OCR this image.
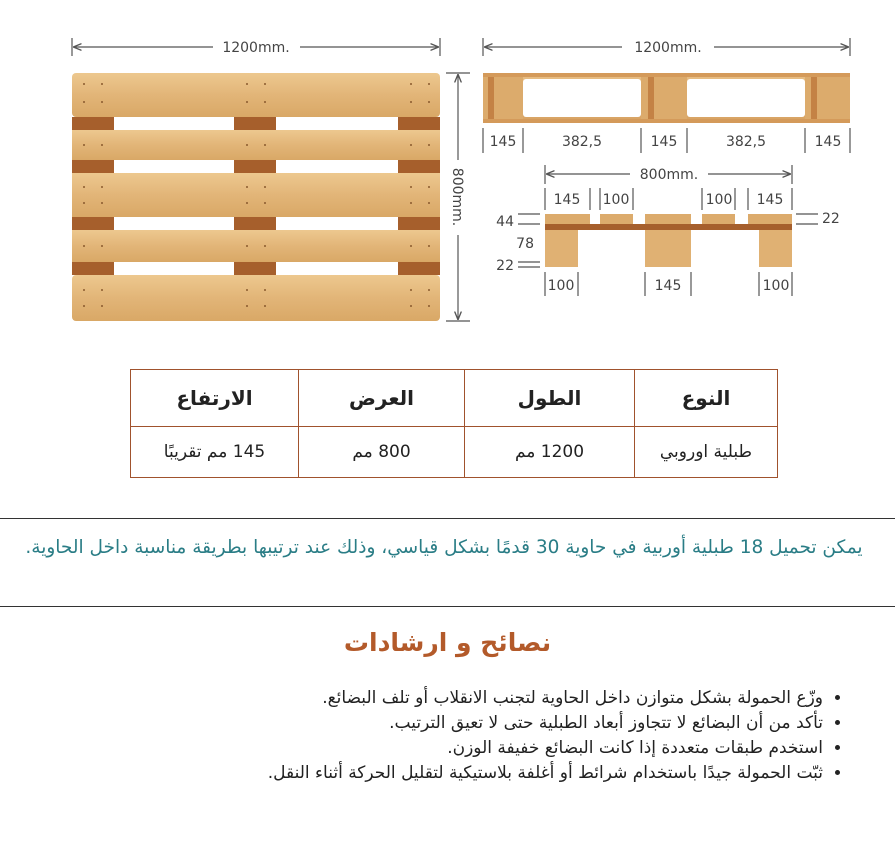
1200mm.
800mm.
1200mm.
145	382,5	145	382,5	145
800mm.
145 100	100 145
44
78
22
22
100	145	100
النوع	الطول	العرض	الارتفاع
طبلية اوروبي	1200 مم	800 مم	145 مم تقريبًا
يمكن تحميل 18 طبلية أوربية في حاوية 30 قدمًا بشكل قياسي، وذلك عند ترتيبها بطريقة مناسبة داخل الحاوية.
نصائح و ارشادات
• وزّع الحمولة بشكل متوازن داخل الحاوية لتجنب الانقلاب أو تلف البضائع.
• تأكد من أن البضائع لا تتجاوز أبعاد الطبلية حتى لا تعيق الترتيب.
• استخدم طبقات متعددة إذا كانت البضائع خفيفة الوزن.
• ثبّت الحمولة جيدًا باستخدام شرائط أو أغلفة بلاستيكية لتقليل الحركة أثناء النقل.
